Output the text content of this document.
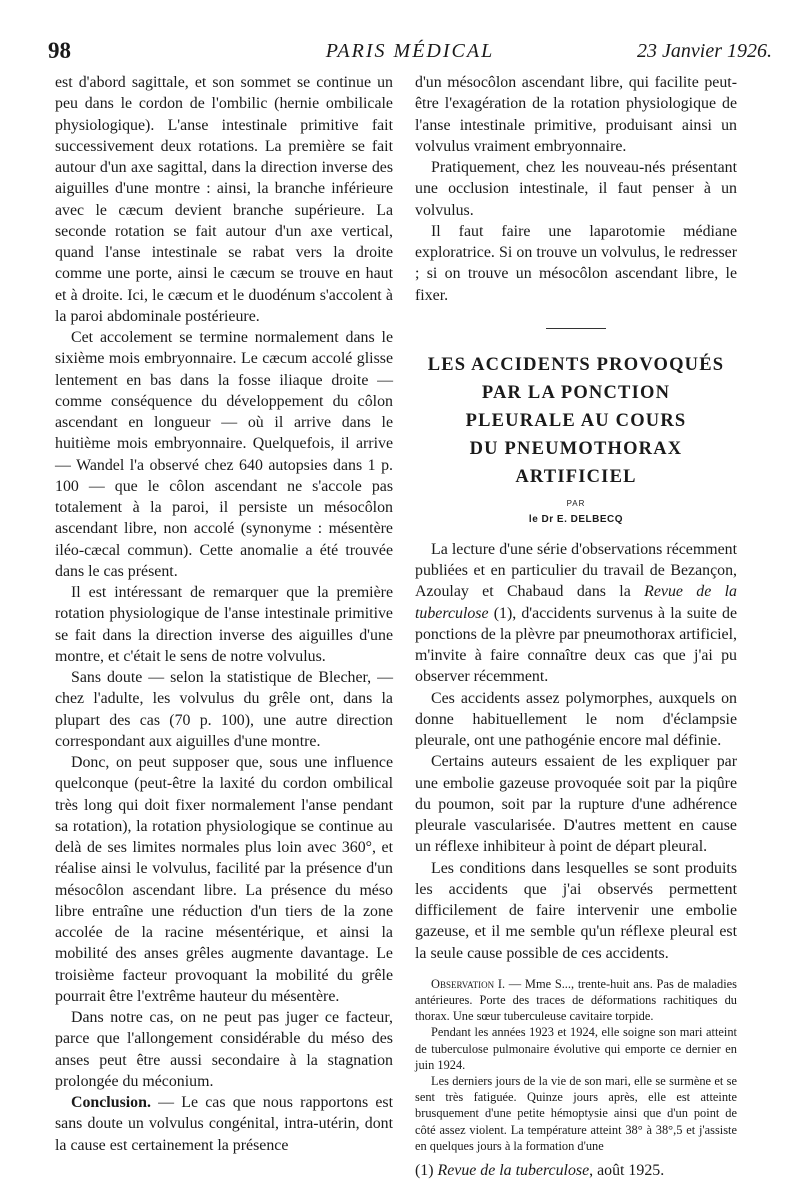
98	PARIS MÉDICAL	23 Janvier 1926.

est d'abord sagittale, et son sommet se continue un peu dans le cordon de l'ombilic (hernie ombilicale physiologique). L'anse intestinale primitive fait successivement deux rotations. La première se fait autour d'un axe sagittal, dans la direction inverse des aiguilles d'une montre : ainsi, la branche inférieure avec le cæcum devient branche supérieure. La seconde rotation se fait autour d'un axe vertical, quand l'anse intestinale se rabat vers la droite comme une porte, ainsi le cæcum se trouve en haut et à droite. Ici, le cæcum et le duodénum s'accolent à la paroi abdominale postérieure.

Cet accolement se termine normalement dans le sixième mois embryonnaire. Le cæcum accolé glisse lentement en bas dans la fosse iliaque droite — comme conséquence du développement du côlon ascendant en longueur — où il arrive dans le huitième mois embryonnaire. Quelquefois, il arrive — Wandel l'a observé chez 640 autopsies dans 1 p. 100 — que le côlon ascendant ne s'accole pas totalement à la paroi, il persiste un mésocôlon ascendant libre, non accolé (synonyme : mésentère iléo-cæcal commun). Cette anomalie a été trouvée dans le cas présent.

Il est intéressant de remarquer que la première rotation physiologique de l'anse intestinale primitive se fait dans la direction inverse des aiguilles d'une montre, et c'était le sens de notre volvulus.

Sans doute — selon la statistique de Blecher, — chez l'adulte, les volvulus du grêle ont, dans la plupart des cas (70 p. 100), une autre direction correspondant aux aiguilles d'une montre.

Donc, on peut supposer que, sous une influence quelconque (peut-être la laxité du cordon ombilical très long qui doit fixer normalement l'anse pendant sa rotation), la rotation physiologique se continue au delà de ses limites normales plus loin avec 360°, et réalise ainsi le volvulus, facilité par la présence d'un mésocôlon ascendant libre. La présence du méso libre entraîne une réduction d'un tiers de la zone accolée de la racine mésentérique, et ainsi la mobilité des anses grêles augmente davantage. Le troisième facteur provoquant la mobilité du grêle pourrait être l'extrême hauteur du mésentère.

Dans notre cas, on ne peut pas juger ce facteur, parce que l'allongement considérable du méso des anses peut être aussi secondaire à la stagnation prolongée du méconium.

Conclusion. — Le cas que nous rapportons est sans doute un volvulus congénital, intra-utérin, dont la cause est certainement la présence

d'un mésocôlon ascendant libre, qui facilite peut-être l'exagération de la rotation physiologique de l'anse intestinale primitive, produisant ainsi un volvulus vraiment embryonnaire.

Pratiquement, chez les nouveau-nés présentant une occlusion intestinale, il faut penser à un volvulus.

Il faut faire une laparotomie médiane exploratrice. Si on trouve un volvulus, le redresser ; si on trouve un mésocôlon ascendant libre, le fixer.

LES ACCIDENTS PROVOQUÉS
PAR LA PONCTION
PLEURALE AU COURS
DU PNEUMOTHORAX
ARTIFICIEL
PAR
le Dr E. DELBECQ

La lecture d'une série d'observations récemment publiées et en particulier du travail de Bezançon, Azoulay et Chabaud dans la Revue de la tuberculose (1), d'accidents survenus à la suite de ponctions de la plèvre par pneumothorax artificiel, m'invite à faire connaître deux cas que j'ai pu observer récemment.

Ces accidents assez polymorphes, auxquels on donne habituellement le nom d'éclampsie pleurale, ont une pathogénie encore mal définie.

Certains auteurs essaient de les expliquer par une embolie gazeuse provoquée soit par la piqûre du poumon, soit par la rupture d'une adhérence pleurale vascularisée. D'autres mettent en cause un réflexe inhibiteur à point de départ pleural.

Les conditions dans lesquelles se sont produits les accidents que j'ai observés permettent difficilement de faire intervenir une embolie gazeuse, et il me semble qu'un réflexe pleural est la seule cause possible de ces accidents.

Observation I. — Mme S..., trente-huit ans. Pas de maladies antérieures. Porte des traces de déformations rachitiques du thorax. Une sœur tuberculeuse cavitaire torpide.

Pendant les années 1923 et 1924, elle soigne son mari atteint de tuberculose pulmonaire évolutive qui emporte ce dernier en juin 1924.

Les derniers jours de la vie de son mari, elle se surmène et se sent très fatiguée. Quinze jours après, elle est atteinte brusquement d'une petite hémoptysie ainsi que d'un point de côté assez violent. La température atteint 38° à 38°,5 et j'assiste en quelques jours à la formation d'une

(1) Revue de la tuberculose, août 1925.
